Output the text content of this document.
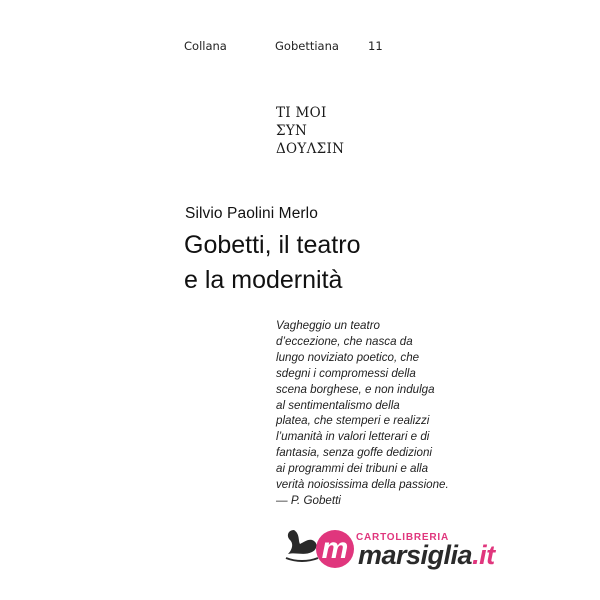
Collana	Gobettiana	11
ΤΙ ΜΟΙ
ΣΥΝ
ΔΟΥΛΣΙΝ
Silvio Paolini Merlo
Gobetti, il teatro
e la modernità
Vagheggio un teatro
d’eccezione, che nasca da
lungo noviziato poetico, che
sdegni i compromessi della
scena borghese, e non indulga
al sentimentalismo della
platea, che stemperi e realizzi
l’umanità in valori letterari e di
fantasia, senza goffe dedizioni
ai programmi dei tribuni e alla
verità noiosissima della passione.
— P. Gobetti
m CARTOLIBRERIA
marsiglia.it
